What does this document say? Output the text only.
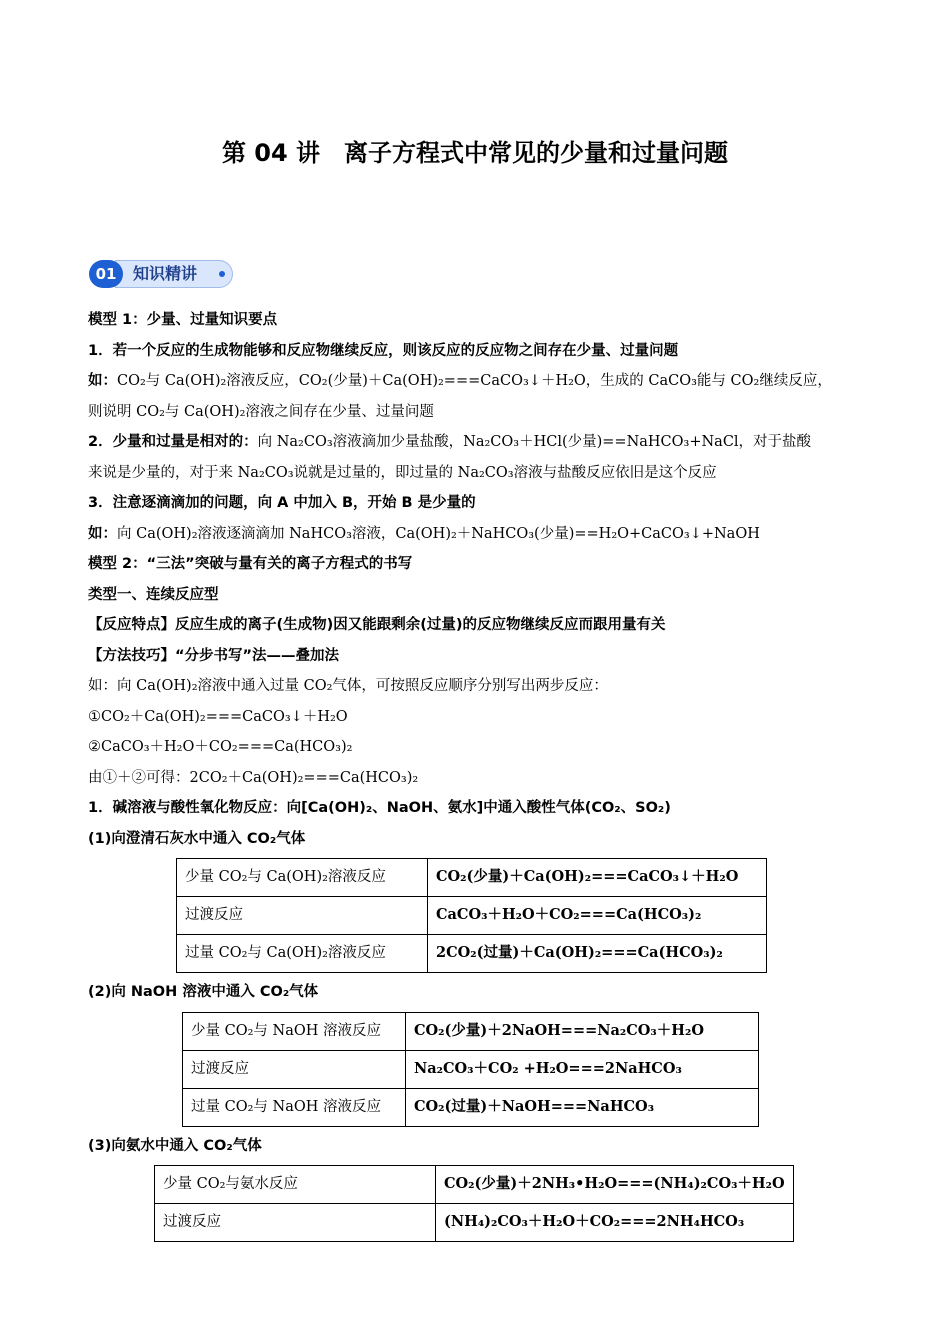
第 04 讲　离子方程式中常见的少量和过量问题
01	知识精讲
模型 1：少量、过量知识要点
1．若一个反应的生成物能够和反应物继续反应，则该反应的反应物之间存在少量、过量问题
如：CO₂与 Ca(OH)₂溶液反应，CO₂(少量)＋Ca(OH)₂===CaCO₃↓＋H₂O，生成的 CaCO₃能与 CO₂继续反应，
则说明 CO₂与 Ca(OH)₂溶液之间存在少量、过量问题
2．少量和过量是相对的：向 Na₂CO₃溶液滴加少量盐酸，Na₂CO₃＋HCl(少量)==NaHCO₃+NaCl，对于盐酸
来说是少量的，对于来 Na₂CO₃说就是过量的，即过量的 Na₂CO₃溶液与盐酸反应依旧是这个反应
3．注意逐滴滴加的问题，向 A 中加入 B，开始 B 是少量的
如：向 Ca(OH)₂溶液逐滴滴加 NaHCO₃溶液，Ca(OH)₂＋NaHCO₃(少量)==H₂O+CaCO₃↓+NaOH
模型 2：“三法”突破与量有关的离子方程式的书写
类型一、连续反应型
【反应特点】反应生成的离子(生成物)因又能跟剩余(过量)的反应物继续反应而跟用量有关
【方法技巧】“分步书写”法——叠加法
如：向 Ca(OH)₂溶液中通入过量 CO₂气体，可按照反应顺序分别写出两步反应：
①CO₂＋Ca(OH)₂===CaCO₃↓＋H₂O
②CaCO₃＋H₂O＋CO₂===Ca(HCO₃)₂
由①＋②可得：2CO₂＋Ca(OH)₂===Ca(HCO₃)₂
1．碱溶液与酸性氧化物反应：向[Ca(OH)₂、NaOH、氨水]中通入酸性气体(CO₂、SO₂)
(1)向澄清石灰水中通入 CO₂气体
少量 CO₂与 Ca(OH)₂溶液反应	CO₂(少量)＋Ca(OH)₂===CaCO₃↓＋H₂O
过渡反应	CaCO₃＋H₂O＋CO₂===Ca(HCO₃)₂
过量 CO₂与 Ca(OH)₂溶液反应	2CO₂(过量)＋Ca(OH)₂===Ca(HCO₃)₂
(2)向 NaOH 溶液中通入 CO₂气体
少量 CO₂与 NaOH 溶液反应	CO₂(少量)＋2NaOH===Na₂CO₃＋H₂O
过渡反应	Na₂CO₃＋CO₂ +H₂O===2NaHCO₃
过量 CO₂与 NaOH 溶液反应	CO₂(过量)＋NaOH===NaHCO₃
(3)向氨水中通入 CO₂气体
少量 CO₂与氨水反应	CO₂(少量)＋2NH₃•H₂O===(NH₄)₂CO₃＋H₂O
过渡反应	(NH₄)₂CO₃＋H₂O＋CO₂===2NH₄HCO₃
